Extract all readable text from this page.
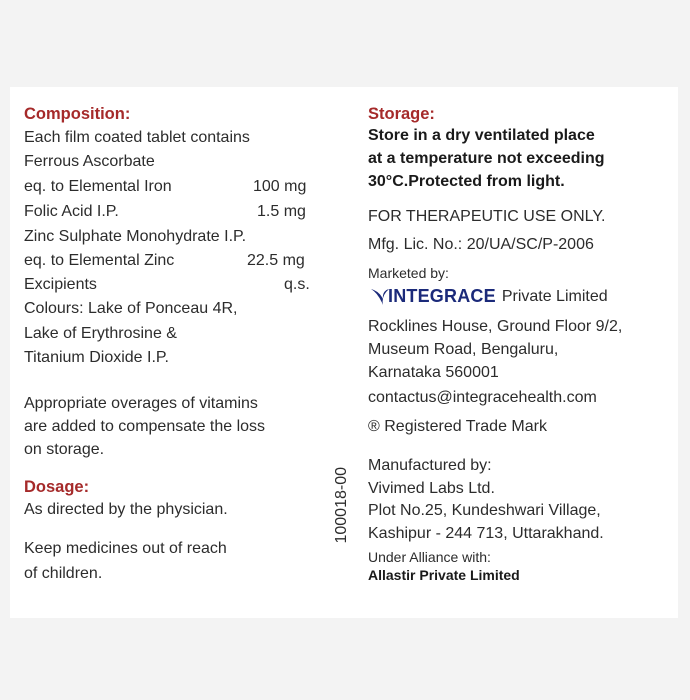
Composition:
Each film coated tablet contains
Ferrous Ascorbate
eq. to Elemental Iron	100 mg
Folic Acid I.P.	1.5 mg
Zinc Sulphate Monohydrate I.P.
eq. to Elemental Zinc	22.5 mg
Excipients	q.s.
Colours: Lake of Ponceau 4R,
Lake of Erythrosine &
Titanium Dioxide I.P.
Appropriate overages of vitamins
are added to compensate the loss
on storage.
Dosage:
As directed by the physician.
Keep medicines out of reach
of children.
100018-00
Storage:
Store in a dry ventilated place
at a temperature not exceeding
30°C.Protected from light.
FOR THERAPEUTIC USE ONLY.
Mfg. Lic. No.: 20/UA/SC/P-2006
Marketed by:
INTEGRACE Private Limited
Rocklines House, Ground Floor 9/2,
Museum Road, Bengaluru,
Karnataka 560001
contactus@integracehealth.com
® Registered Trade Mark
Manufactured by:
Vivimed Labs Ltd.
Plot No.25, Kundeshwari Village,
Kashipur - 244 713, Uttarakhand.
Under Alliance with:
Allastir Private Limited
